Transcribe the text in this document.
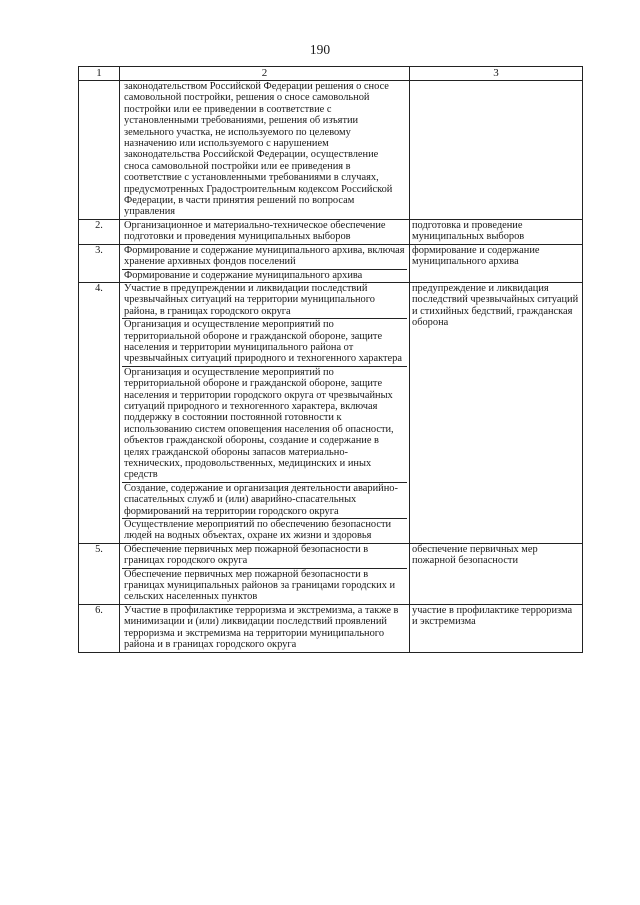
190
1	2	3

	законодательством Российской Федерации решения о сносе самовольной постройки, решения о сносе самовольной постройки или ее приведении в соответствие с установленными требованиями, решения об изъятии земельного участка, не используемого по целевому назначению или используемого с нарушением законодательства Российской Федерации, осуществление сноса самовольной постройки или ее приведения в соответствие с установленными требованиями в случаях, предусмотренных Градостроительным кодексом Российской Федерации, в части принятия решений по вопросам управления	

2.	Организационное и материально-техническое обеспечение подготовки и проведения муниципальных выборов	подготовка и проведение муниципальных выборов
3.	Формирование и содержание муниципального архива, включая хранение архивных фондов поселений
Формирование и содержание муниципального архива	формирование и содержание муниципального архива
4.	Участие в предупреждении и ликвидации последствий чрезвычайных ситуаций на территории муниципального района, в границах городского округа
Организация и осуществление мероприятий по территориальной обороне и гражданской обороне, защите населения и территории муниципального района от чрезвычайных ситуаций природного и техногенного характера
Организация и осуществление мероприятий по территориальной обороне и гражданской обороне, защите населения и территории городского округа от чрезвычайных ситуаций природного и техногенного характера, включая поддержку в состоянии постоянной готовности к использованию систем оповещения населения об опасности, объектов гражданской обороны, создание и содержание в целях гражданской обороны запасов материально-технических, продовольственных, медицинских и иных средств
Создание, содержание и организация деятельности аварийно-спасательных служб и (или) аварийно-спасательных формирований на территории городского округа
Осуществление мероприятий по обеспечению безопасности людей на водных объектах, охране их жизни и здоровья	предупреждение и ликвидация последствий чрезвычайных ситуаций и стихийных бедствий, гражданская оборона
5.	Обеспечение первичных мер пожарной безопасности в границах городского округа
Обеспечение первичных мер пожарной безопасности в границах муниципальных районов за границами городских и сельских населенных пунктов	обеспечение первичных мер пожарной безопасности
6.	Участие в профилактике терроризма и экстремизма, а также в минимизации и (или) ликвидации последствий проявлений терроризма и экстремизма на территории муниципального района и в границах городского округа	участие в профилактике терроризма и экстремизма
